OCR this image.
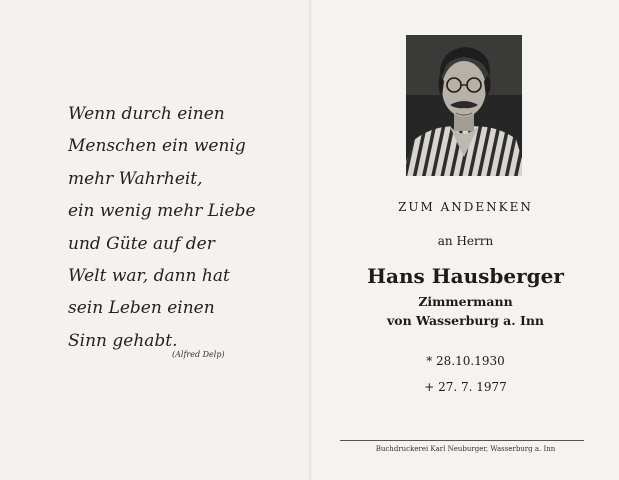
Wenn durch einen
Menschen ein wenig
mehr Wahrheit,
ein wenig mehr Liebe
und Güte auf der
Welt war, dann hat
sein Leben einen
Sinn gehabt.
(Alfred Delp)
ZUM ANDENKEN
an Herrn
Hans Hausberger
Zimmermann
von Wasserburg a. Inn
* 28.10.1930
+ 27. 7. 1977
Buchdruckerei Karl Neuburger, Wasserburg a. Inn
